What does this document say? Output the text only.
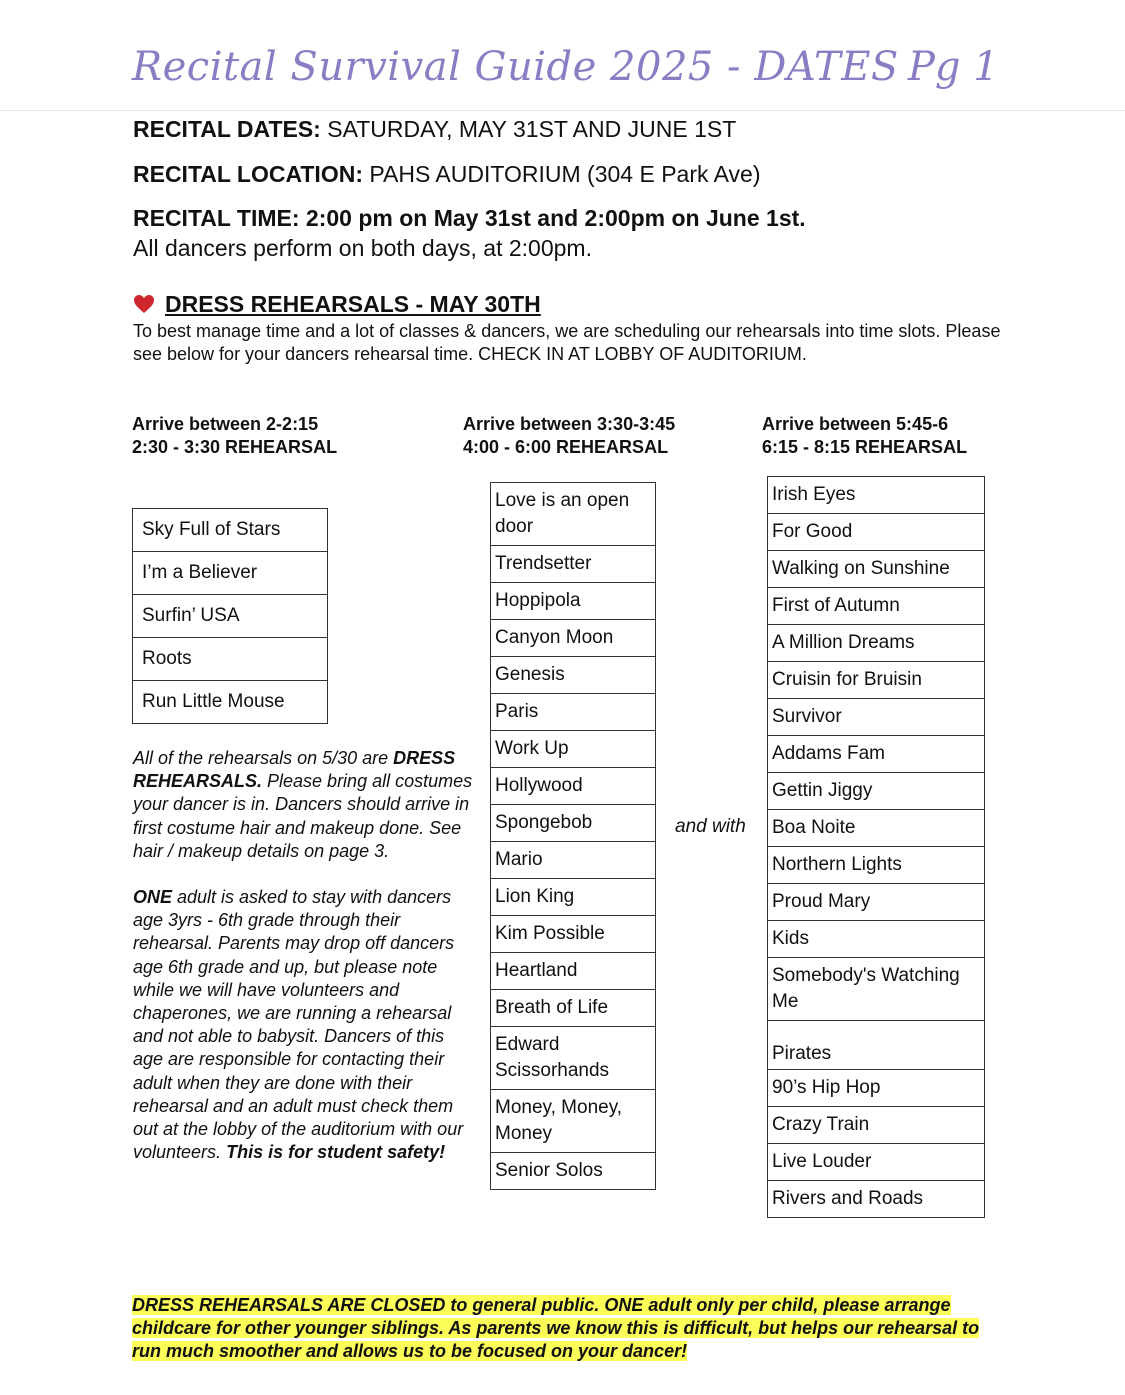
Recital Survival Guide 2025 - DATES Pg 1
RECITAL DATES: SATURDAY, MAY 31ST AND JUNE 1ST
RECITAL LOCATION: PAHS AUDITORIUM (304 E Park Ave)
RECITAL TIME: 2:00 pm on May 31st and 2:00pm on June 1st.
All dancers perform on both days, at 2:00pm.
DRESS REHEARSALS - MAY 30TH
To best manage time and a lot of classes & dancers, we are scheduling our rehearsals into time slots. Please see below for your dancers rehearsal time. CHECK IN AT LOBBY OF AUDITORIUM.
Arrive between 2-2:15
2:30 - 3:30 REHEARSAL
Arrive between 3:30-3:45
4:00 - 6:00 REHEARSAL
Arrive between 5:45-6
6:15 - 8:15 REHEARSAL
Sky Full of Stars
I’m a Believer
Surfin’ USA
Roots
Run Little Mouse
Love is an open door
Trendsetter
Hoppipola
Canyon Moon
Genesis
Paris
Work Up
Hollywood
Spongebob
Mario
Lion King
Kim Possible
Heartland
Breath of Life
Edward Scissorhands
Money, Money, Money
Senior Solos
and with
Irish Eyes
For Good
Walking on Sunshine
First of Autumn
A Million Dreams
Cruisin for Bruisin
Survivor
Addams Fam
Gettin Jiggy
Boa Noite
Northern Lights
Proud Mary
Kids
Somebody's Watching Me
Pirates
90’s Hip Hop
Crazy Train
Live Louder
Rivers and Roads
All of the rehearsals on 5/30 are DRESS REHEARSALS. Please bring all costumes your dancer is in. Dancers should arrive in first costume hair and makeup done. See hair / makeup details on page 3.
ONE adult is asked to stay with dancers age 3yrs - 6th grade through their rehearsal. Parents may drop off dancers age 6th grade and up, but please note while we will have volunteers and chaperones, we are running a rehearsal and not able to babysit. Dancers of this age are responsible for contacting their adult when they are done with their rehearsal and an adult must check them out at the lobby of the auditorium with our volunteers. This is for student safety!
DRESS REHEARSALS ARE CLOSED to general public. ONE adult only per child, please arrange childcare for other younger siblings. As parents we know this is difficult, but helps our rehearsal to run much smoother and allows us to be focused on your dancer!
